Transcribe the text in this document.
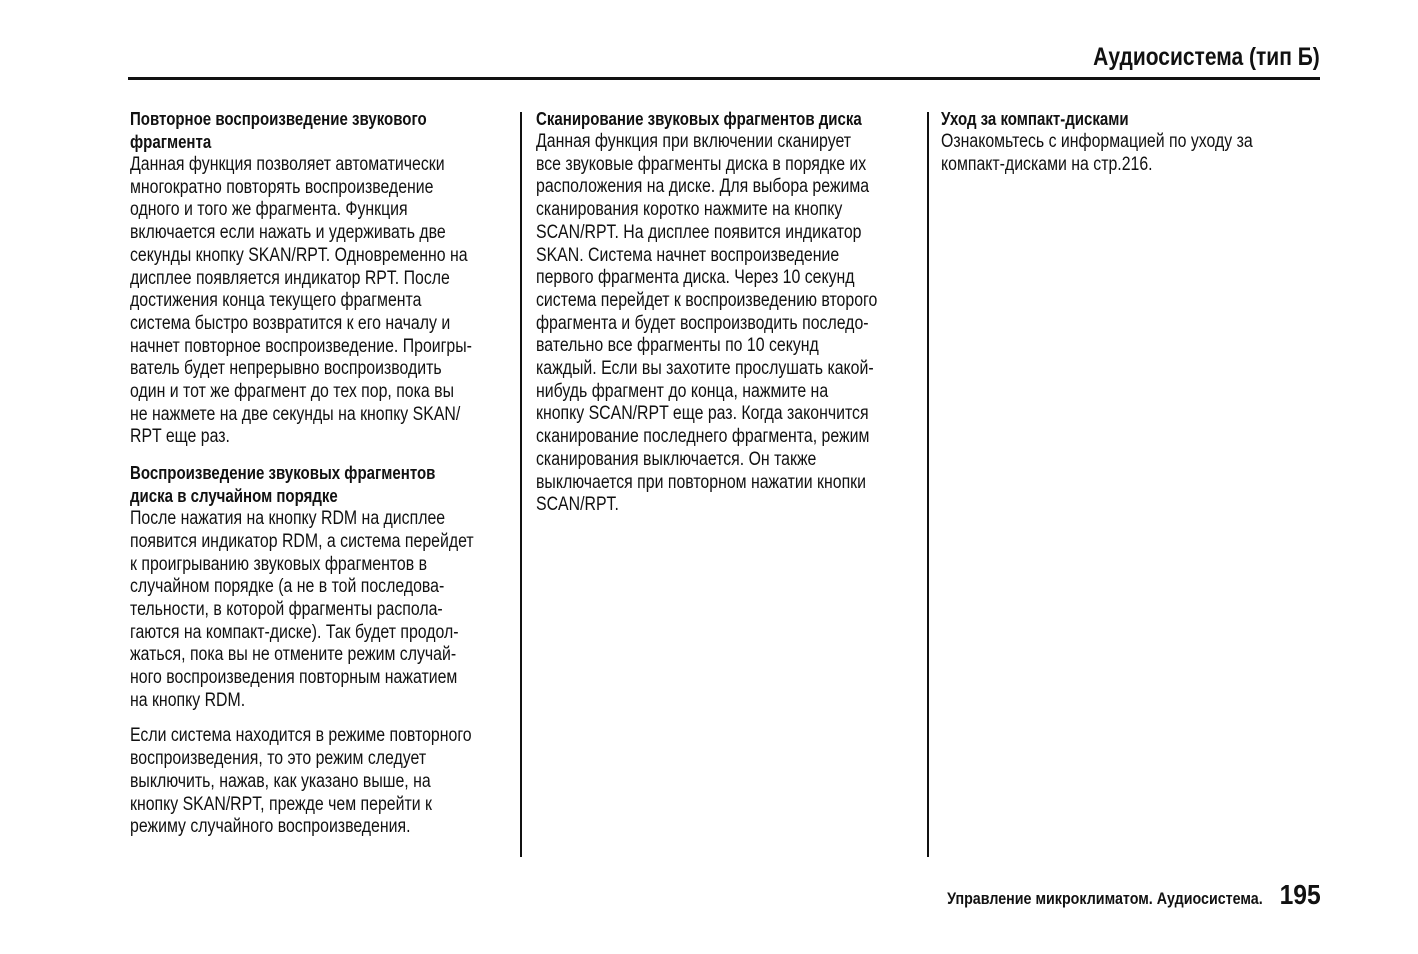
Аудиосистема (тип Б)
Повторное воспроизведение звукового
фрагмента
Данная функция позволяет автоматически
многократно повторять воспроизведение
одного и того же фрагмента. Функция
включается если нажать и удерживать две
секунды кнопку SKAN/RPT. Одновременно на
дисплее появляется индикатор RPT. После
достижения конца текущего фрагмента
система быстро возвратится к его началу и
начнет повторное воспроизведение. Проигры-
ватель будет непрерывно воспроизводить
один и тот же фрагмент до тех пор, пока вы
не нажмете на две секунды на кнопку SKAN/
RPT еще раз.
Воспроизведение звуковых фрагментов
диска в случайном порядке
После нажатия на кнопку RDM на дисплее
появится индикатор RDM, а система перейдет
к проигрыванию звуковых фрагментов в
случайном порядке (а не в той последова-
тельности, в которой фрагменты распола-
гаются на компакт-диске). Так будет продол-
жаться, пока вы не отмените режим случай-
ного воспроизведения повторным нажатием
на кнопку RDM.
Если система находится в режиме повторного
воспроизведения, то это режим следует
выключить, нажав, как указано выше, на
кнопку SKAN/RPT, прежде чем перейти к
режиму случайного воспроизведения.
Сканирование звуковых фрагментов диска
Данная функция при включении сканирует
все звуковые фрагменты диска в порядке их
расположения на диске. Для выбора режима
сканирования коротко нажмите на кнопку
SCAN/RPT. На дисплее появится индикатор
SKAN. Система начнет воспроизведение
первого фрагмента диска. Через 10 секунд
система перейдет к воспроизведению второго
фрагмента и будет воспроизводить последо-
вательно все фрагменты по 10 секунд
каждый. Если вы захотите прослушать какой-
нибудь фрагмент до конца, нажмите на
кнопку SCAN/RPT еще раз. Когда закончится
сканирование последнего фрагмента, режим
сканирования выключается. Он также
выключается при повторном нажатии кнопки
SCAN/RPT.
Уход за компакт-дисками
Ознакомьтесь с информацией по уходу за
компакт-дисками на стр.216.
Управление микроклиматом. Аудиосистема. 195
